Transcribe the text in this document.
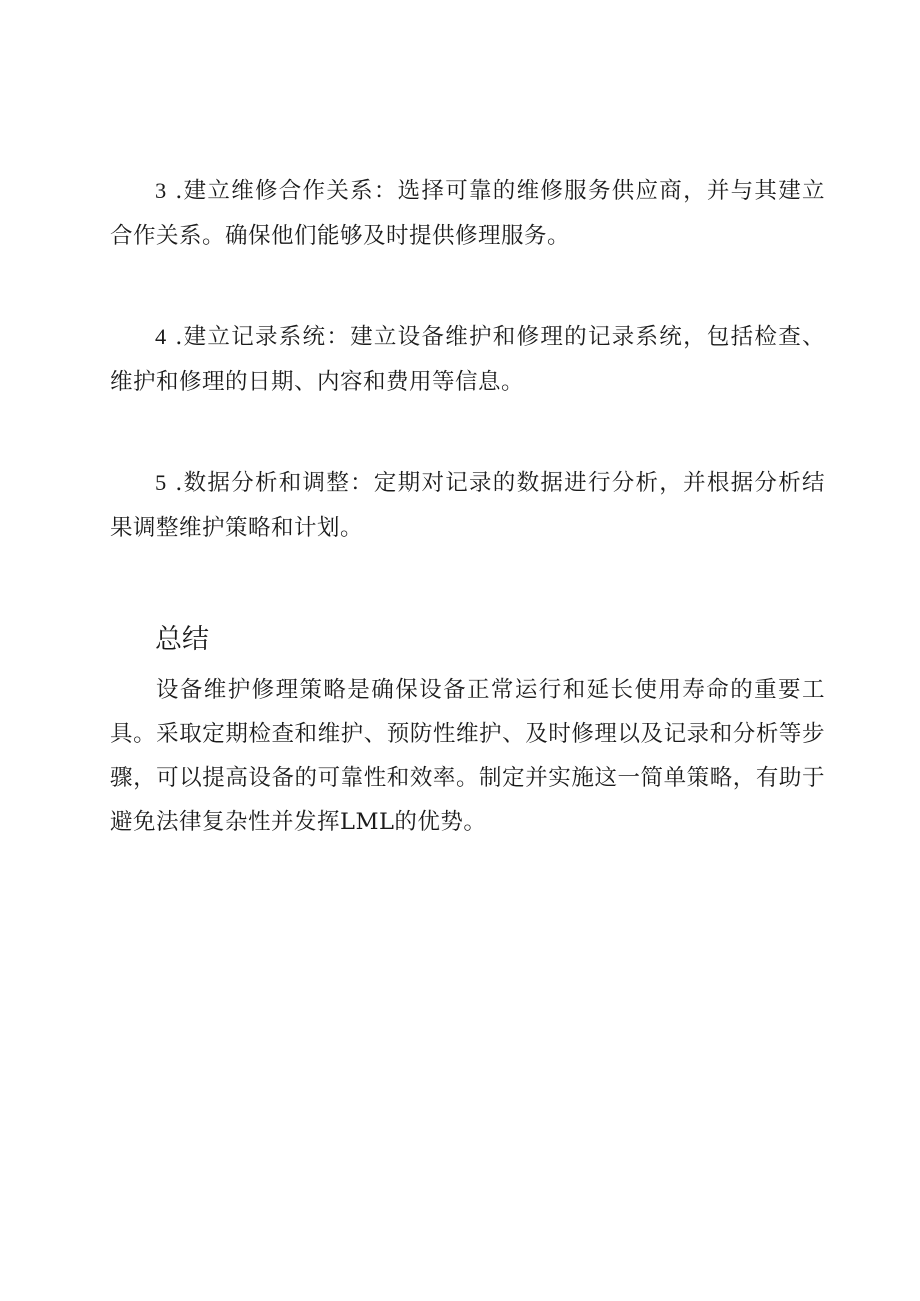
3 .建立维修合作关系：选择可靠的维修服务供应商，并与其建立合作关系。确保他们能够及时提供修理服务。

4 .建立记录系统：建立设备维护和修理的记录系统，包括检查、维护和修理的日期、内容和费用等信息。

5 .数据分析和调整：定期对记录的数据进行分析，并根据分析结果调整维护策略和计划。

总结

设备维护修理策略是确保设备正常运行和延长使用寿命的重要工具。采取定期检查和维护、预防性维护、及时修理以及记录和分析等步骤，可以提高设备的可靠性和效率。制定并实施这一简单策略，有助于避免法律复杂性并发挥LML的优势。
